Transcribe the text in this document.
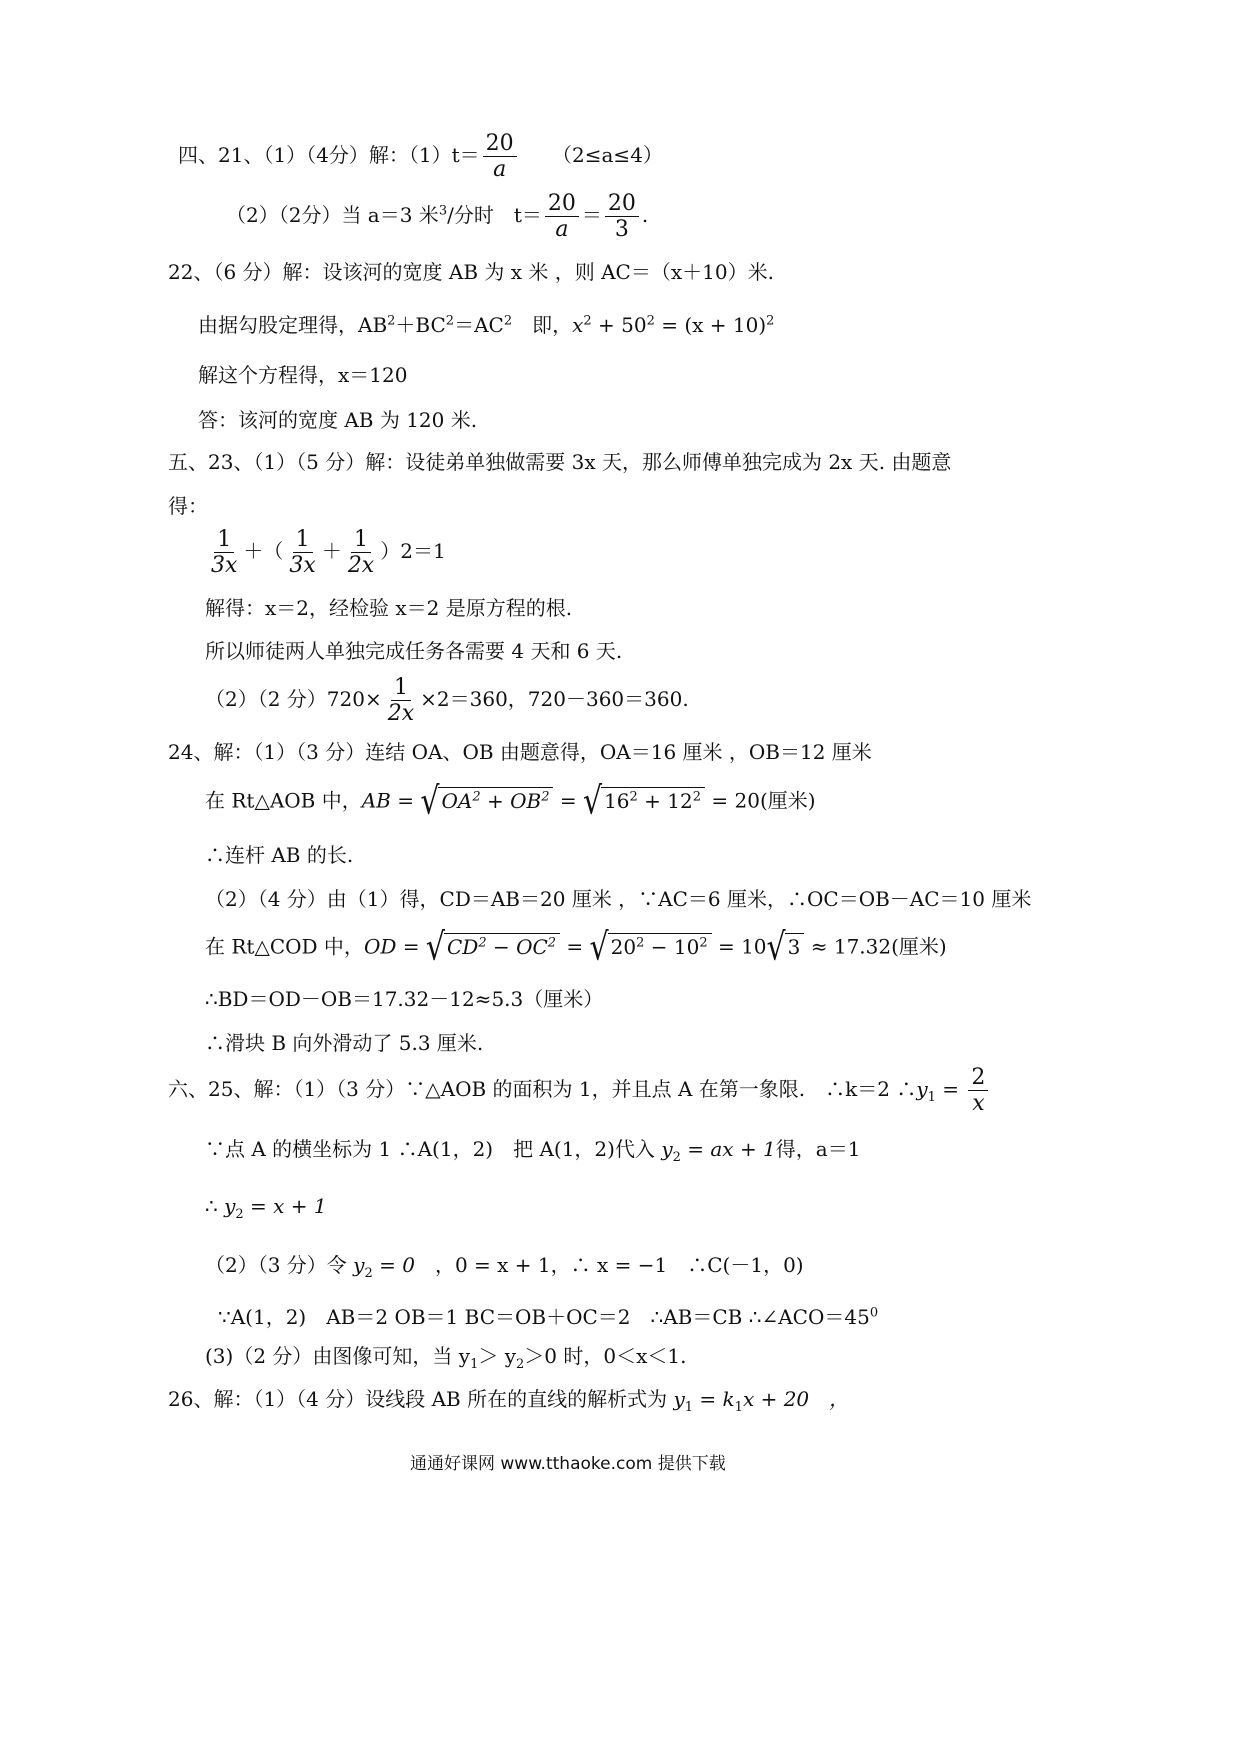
四、21、（1）（4分）解：$(1)t= \frac{20}{a} (2\le a\le 4)$
（2）（2分）当 a＝3 米$^3$/分时　$t= \frac{20}{a} = \frac{20}{3}$ .
22、（6 分）解：设该河的宽度 AB 为 x 米 ，则 AC＝（x＋10）米.
由据勾股定理得，$AB^2+BC^2=AC^2$　即，$x^2 + 50^2 = (x + 10)^2$
解这个方程得，x＝120
答：该河的宽度 AB 为 120 米.
五、23、（1）（5 分）解：设徒弟单独做需要 3x 天，那么师傅单独完成为 2x 天. 由题意
得：
$\frac{1}{3x}$ ＋（ $\frac{1}{3x} + \frac{1}{2x} )2=1$
解得：x＝2，经检验 x＝2 是原方程的根.
所以师徒两人单独完成任务各需要 4 天和 6 天.
（2）（2 分）$720\times \frac{1}{2x} \times 2=360$，720－360＝360.
24、解：（1）（3 分）连结 OA、OB 由题意得，OA＝16 厘米 ，OB＝12 厘米
在 Rt△AOB 中，AB = √ $OA^2 + OB^2$ = √ $16^2 + 12^2 = 20$(厘米)
∴连杆 AB 的长.
（2）（4 分）由（1）得，CD＝AB＝20 厘米 ，∵AC＝6 厘米，∴OC＝OB－AC＝10 厘米
在 Rt△COD 中，OD = √ $CD^2 - OC^2$ = √ $20^2 - 10^2 = 10$ √ 3 ≈ 17.32(厘米)
∴BD＝OD－OB＝17.32－12≈5.3（厘米）
∴滑块 B 向外滑动了 5.3 厘米.
六、25、解：（1）（3 分）∵△AOB 的面积为 1，并且点 A 在第一象限.　∴k＝2 $\therefore y_1 = \frac{2}{x}$
∵点 A 的横坐标为 1 ∴A(1，2)　把 A(1，2)代入 $y_2$ = ax + 1得，a＝1
∴ $y_2 = x + 1$
（2）（3 分）令 $y_2 = 0$　，0 = x + 1，∴ x = −1　∴C(－1，0)
∵A(1，2)　AB＝2 OB＝1 BC＝OB＋OC＝2　∴AB＝CB $\therefore\angle ACO=45^0$
(3)（2 分）由图像可知，当 $y_1> y_2>0$ 时，0＜x＜1.
26、解：（1）（4 分）设线段 AB 所在的直线的解析式为 $y_1 = k_1x + 20$　，
通通好课网 www.tthaoke.com 提供下载
